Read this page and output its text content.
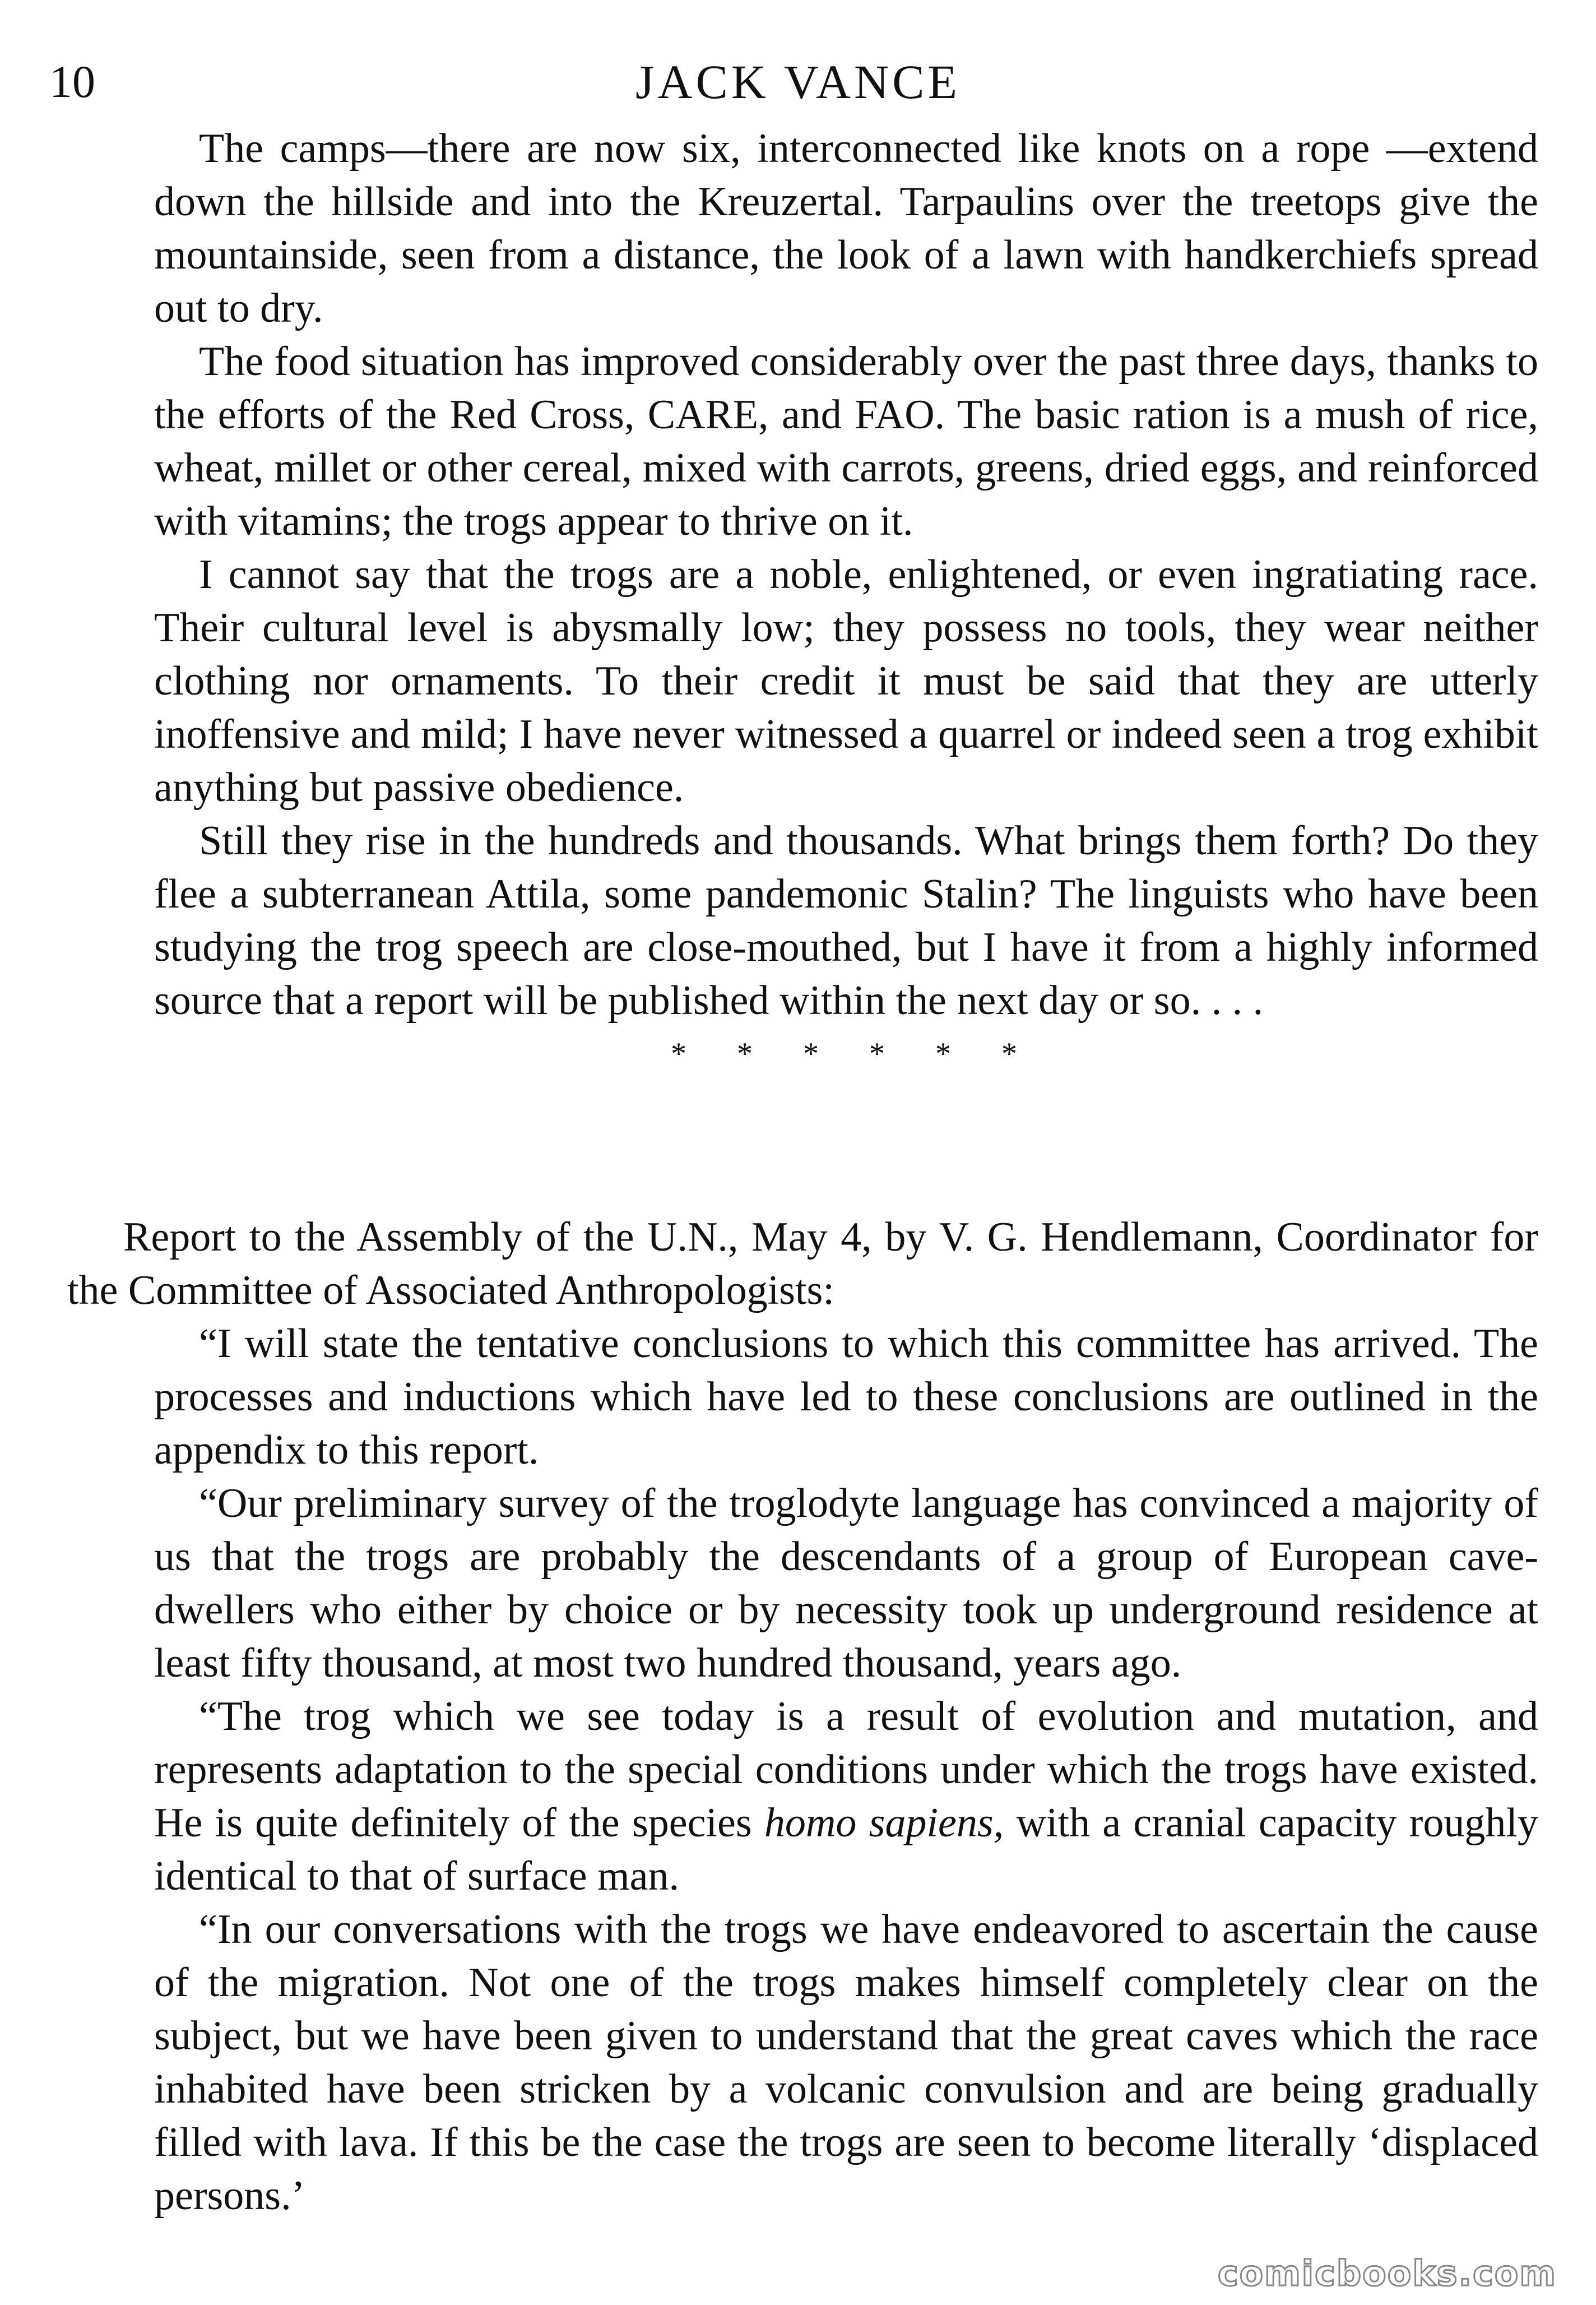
10	JACK VANCE

The camps—there are now six, interconnected like knots on a rope —extend down the hillside and into the Kreuzertal. Tarpaulins over the treetops give the mountainside, seen from a distance, the look of a lawn with handkerchiefs spread out to dry.

The food situation has improved considerably over the past three days, thanks to the efforts of the Red Cross, CARE, and FAO. The basic ration is a mush of rice, wheat, millet or other cereal, mixed with carrots, greens, dried eggs, and reinforced with vitamins; the trogs appear to thrive on it.

I cannot say that the trogs are a noble, enlightened, or even ingratiating race. Their cultural level is abysmally low; they possess no tools, they wear neither clothing nor ornaments. To their credit it must be said that they are utterly inoffensive and mild; I have never witnessed a quarrel or indeed seen a trog exhibit anything but passive obedience.

Still they rise in the hundreds and thousands. What brings them forth? Do they flee a subterranean Attila, some pandemonic Stalin? The linguists who have been studying the trog speech are close-mouthed, but I have it from a highly informed source that a report will be published within the next day or so. . . .

* * * * * *

Report to the Assembly of the U.N., May 4, by V. G. Hendlemann, Coordinator for the Committee of Associated Anthropologists:

“I will state the tentative conclusions to which this committee has arrived. The processes and inductions which have led to these conclusions are outlined in the appendix to this report.

“Our preliminary survey of the troglodyte language has convinced a majority of us that the trogs are probably the descendants of a group of European cave-dwellers who either by choice or by necessity took up underground residence at least fifty thousand, at most two hundred thousand, years ago.

“The trog which we see today is a result of evolution and mutation, and represents adaptation to the special conditions under which the trogs have existed. He is quite definitely of the species homo sapiens, with a cranial capacity roughly identical to that of surface man.

“In our conversations with the trogs we have endeavored to ascertain the cause of the migration. Not one of the trogs makes himself completely clear on the subject, but we have been given to understand that the great caves which the race inhabited have been stricken by a volcanic convulsion and are being gradually filled with lava. If this be the case the trogs are seen to become literally ‘displaced persons.’

comicbooks.com
